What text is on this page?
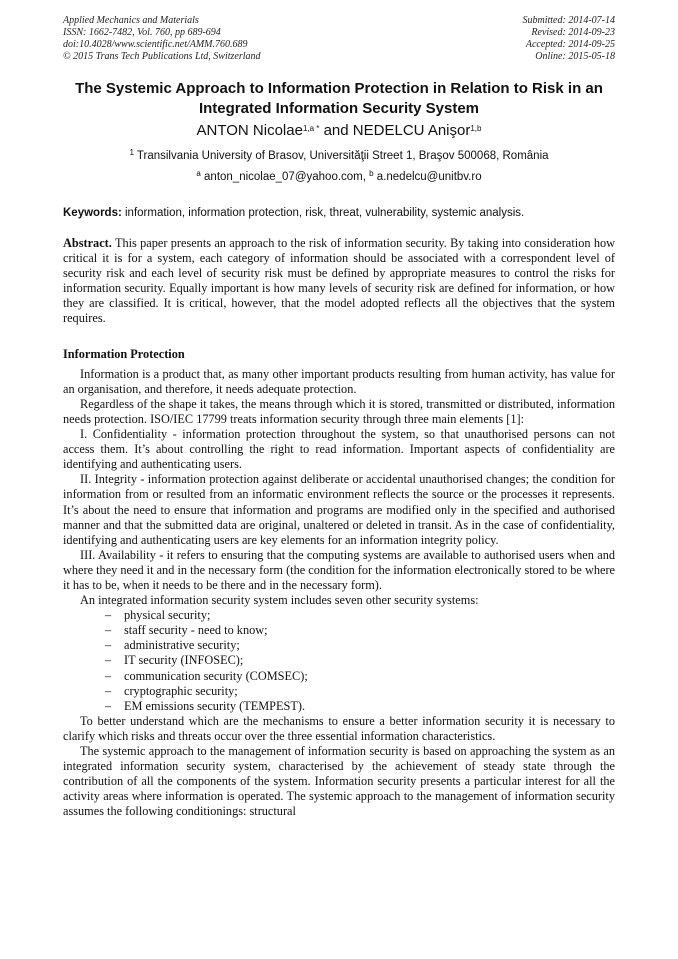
Applied Mechanics and Materials
ISSN: 1662-7482, Vol. 760, pp 689-694
doi:10.4028/www.scientific.net/AMM.760.689
© 2015 Trans Tech Publications Ltd, Switzerland
Submitted: 2014-07-14
Revised: 2014-09-23
Accepted: 2014-09-25
Online: 2015-05-18
The Systemic Approach to Information Protection in Relation to Risk in an Integrated Information Security System
ANTON Nicolae$^{1,a *}$ and NEDELCU Anişor$^{1,b}$
$^1$ Transilvania University of Brasov, Universităţii Street 1, Braşov 500068, România
$^a$ anton_nicolae_07@yahoo.com, $^b$ a.nedelcu@unitbv.ro
Keywords: information, information protection, risk, threat, vulnerability, systemic analysis.

Abstract. This paper presents an approach to the risk of information security. By taking into consideration how critical it is for a system, each category of information should be associated with a correspondent level of security risk and each level of security risk must be defined by appropriate measures to control the risks for information security. Equally important is how many levels of security risk are defined for information, or how they are classified. It is critical, however, that the model adopted reflects all the objectives that the system requires.

Information Protection

Information is a product that, as many other important products resulting from human activity, has value for an organisation, and therefore, it needs adequate protection.

Regardless of the shape it takes, the means through which it is stored, transmitted or distributed, information needs protection. ISO/IEC 17799 treats information security through three main elements [1]:

I. Confidentiality - information protection throughout the system, so that unauthorised persons can not access them. It’s about controlling the right to read information. Important aspects of confidentiality are identifying and authenticating users.

II. Integrity - information protection against deliberate or accidental unauthorised changes; the condition for information from or resulted from an informatic environment reflects the source or the processes it represents. It’s about the need to ensure that information and programs are modified only in the specified and authorised manner and that the submitted data are original, unaltered or deleted in transit. As in the case of confidentiality, identifying and authenticating users are key elements for an information integrity policy.

III. Availability - it refers to ensuring that the computing systems are available to authorised users when and where they need it and in the necessary form (the condition for the information electronically stored to be where it has to be, when it needs to be there and in the necessary form).

An integrated information security system includes seven other security systems:

– physical security;
– staff security - need to know;
– administrative security;
– IT security (INFOSEC);
– communication security (COMSEC);
– cryptographic security;
– EM emissions security (TEMPEST).

To better understand which are the mechanisms to ensure a better information security it is necessary to clarify which risks and threats occur over the three essential information characteristics.

The systemic approach to the management of information security is based on approaching the system as an integrated information security system, characterised by the achievement of steady state through the contribution of all the components of the system. Information security presents a particular interest for all the activity areas where information is operated. The systemic approach to the management of information security assumes the following conditionings: structural
